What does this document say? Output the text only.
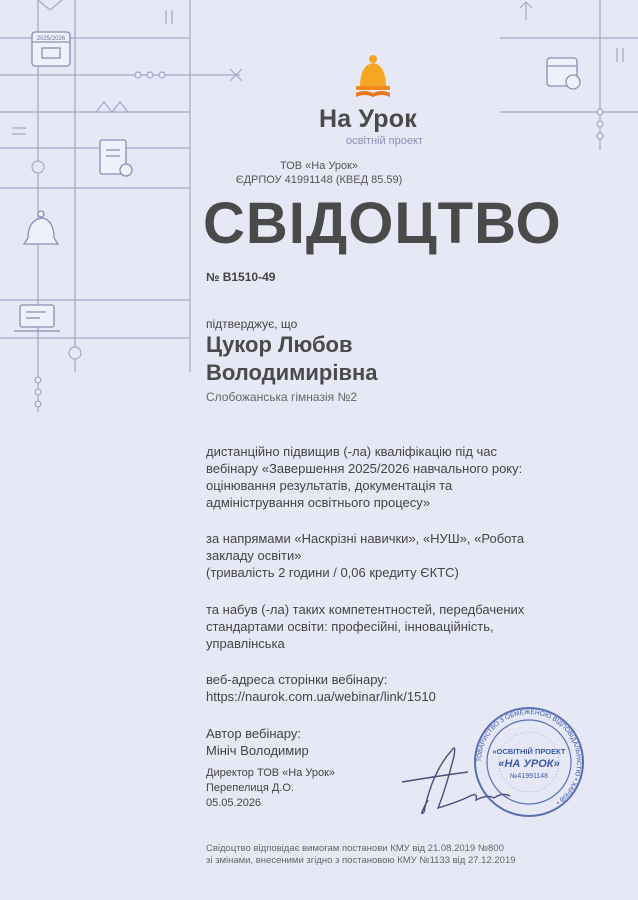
2025/2026
На Урок
освітній проект
ТОВ «На Урок»
ЄДРПОУ 41991148 (КВЕД 85.59)
СВІДОЦТВО
№ B1510-49
підтверджує, що
Цукор Любов
Володимирівна
Слобожанська гімназія №2
дистанційно підвищив (-ла) кваліфікацію під час
вебінару «Завершення 2025/2026 навчального року:
оцінювання результатів, документація та
адміністрування освітнього процесу»
за напрямами «Наскрізні навички», «НУШ», «Робота
закладу освіти»
(тривалість 2 години / 0,06 кредиту ЄКТС)
та набув (-ла) таких компетентностей, передбачених
стандартами освіти: професійні, інноваційність,
управлінська
веб-адреса сторінки вебінару:
https://naurok.com.ua/webinar/link/1510
Автор вебінару:
Мініч Володимир
Директор ТОВ «На Урок»
Перепелиця Д.О.
05.05.2026
ТОВАРИСТВО З ОБМЕЖЕНОЮ ВІДПОВІДАЛЬНІСТЮ • ХАРКІВ •
«ОСВІТНІЙ ПРОЕКТ
«НА УРОК»
№41991148
Свідоцтво відповідає вимогам постанови КМУ від 21.08.2019 №800
зі змінами, внесеними згідно з постановою КМУ №1133 від 27.12.2019
